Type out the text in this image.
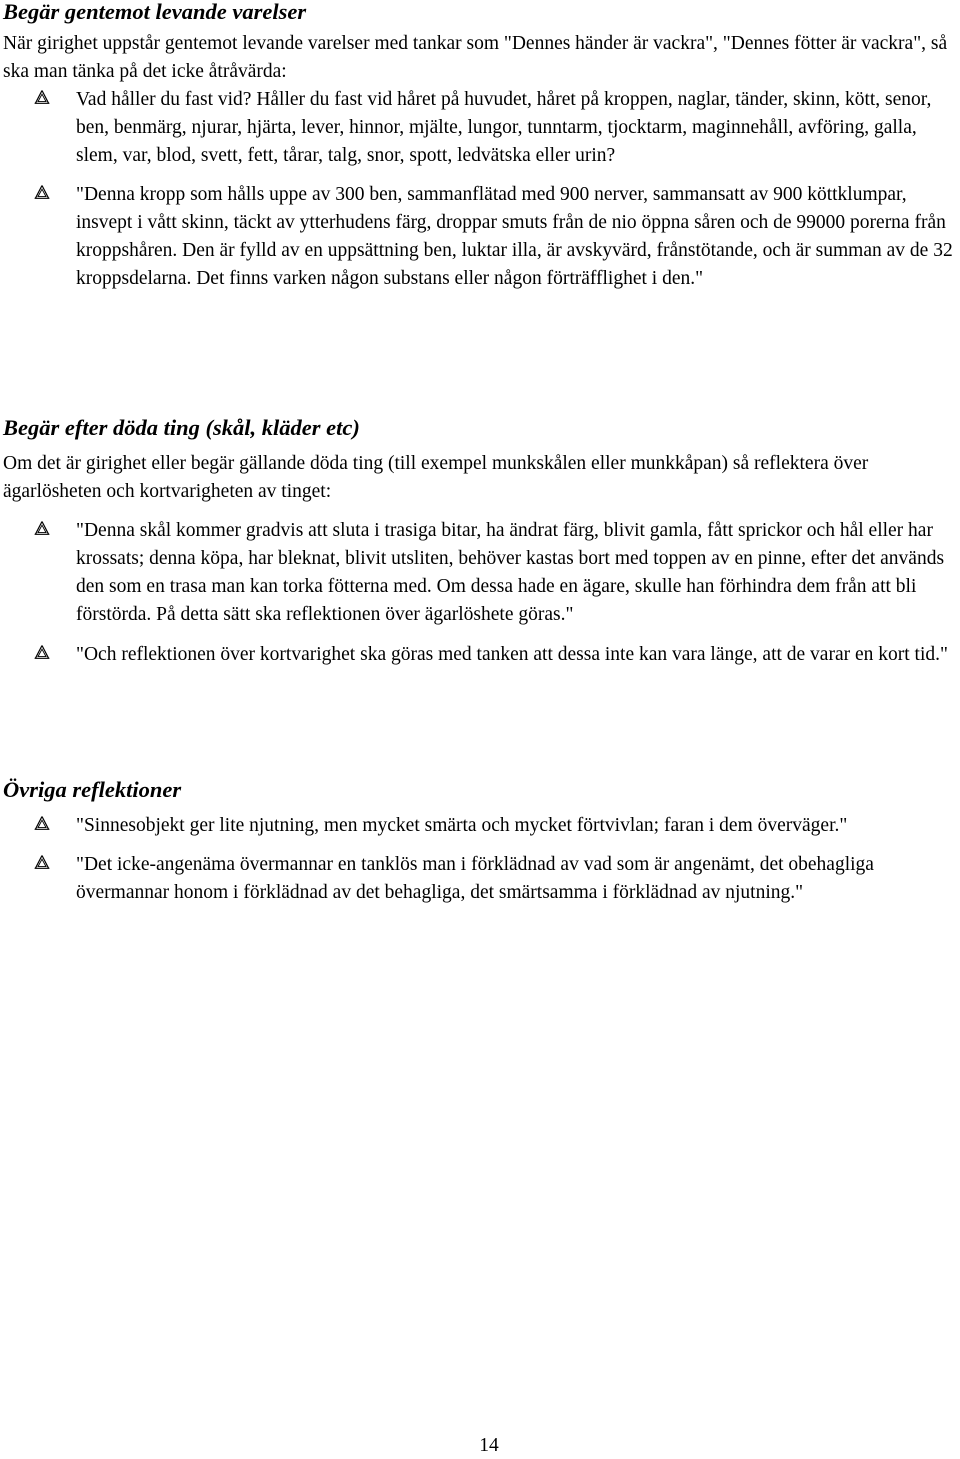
Begär gentemot levande varelser

När girighet uppstår gentemot levande varelser med tankar som "Dennes händer är vackra", "Dennes fötter är vackra", så ska man tänka på det icke åtråvärda:

Vad håller du fast vid? Håller du fast vid håret på huvudet, håret på kroppen, naglar, tänder, skinn, kött, senor, ben, benmärg, njurar, hjärta, lever, hinnor, mjälte, lungor, tunntarm, tjocktarm, maginnehåll, avföring, galla, slem, var, blod, svett, fett, tårar, talg, snor, spott, ledvätska eller urin?
"Denna kropp som hålls uppe av 300 ben, sammanflätad med 900 nerver, sammansatt av 900 köttklumpar, insvept i vått skinn, täckt av ytterhudens färg, droppar smuts från de nio öppna såren och de 99000 porerna från kroppshåren. Den är fylld av en uppsättning ben, luktar illa, är avskyvärd, frånstötande, och är summan av de 32 kroppsdelarna. Det finns varken någon substans eller någon förträfflighet i den."
Begär efter döda ting (skål, kläder etc)

Om det är girighet eller begär gällande döda ting (till exempel munkskålen eller munkkåpan) så reflektera över ägarlösheten och kortvarigheten av tinget:

"Denna skål kommer gradvis att sluta i trasiga bitar, ha ändrat färg, blivit gamla, fått sprickor och hål eller har krossats; denna köpa, har bleknat, blivit utsliten, behöver kastas bort med toppen av en pinne, efter det används den som en trasa man kan torka fötterna med. Om dessa hade en ägare, skulle han förhindra dem från att bli förstörda. På detta sätt ska reflektionen över ägarlöshete göras."
"Och reflektionen över kortvarighet ska göras med tanken att dessa inte kan vara länge, att de varar en kort tid."
Övriga reflektioner
"Sinnesobjekt ger lite njutning, men mycket smärta och mycket förtvivlan; faran i dem överväger."
"Det icke-angenäma övermannar en tanklös man i förklädnad av vad som är angenämt, det obehagliga övermannar honom i förklädnad av det behagliga, det smärtsamma i förklädnad av njutning."
14
